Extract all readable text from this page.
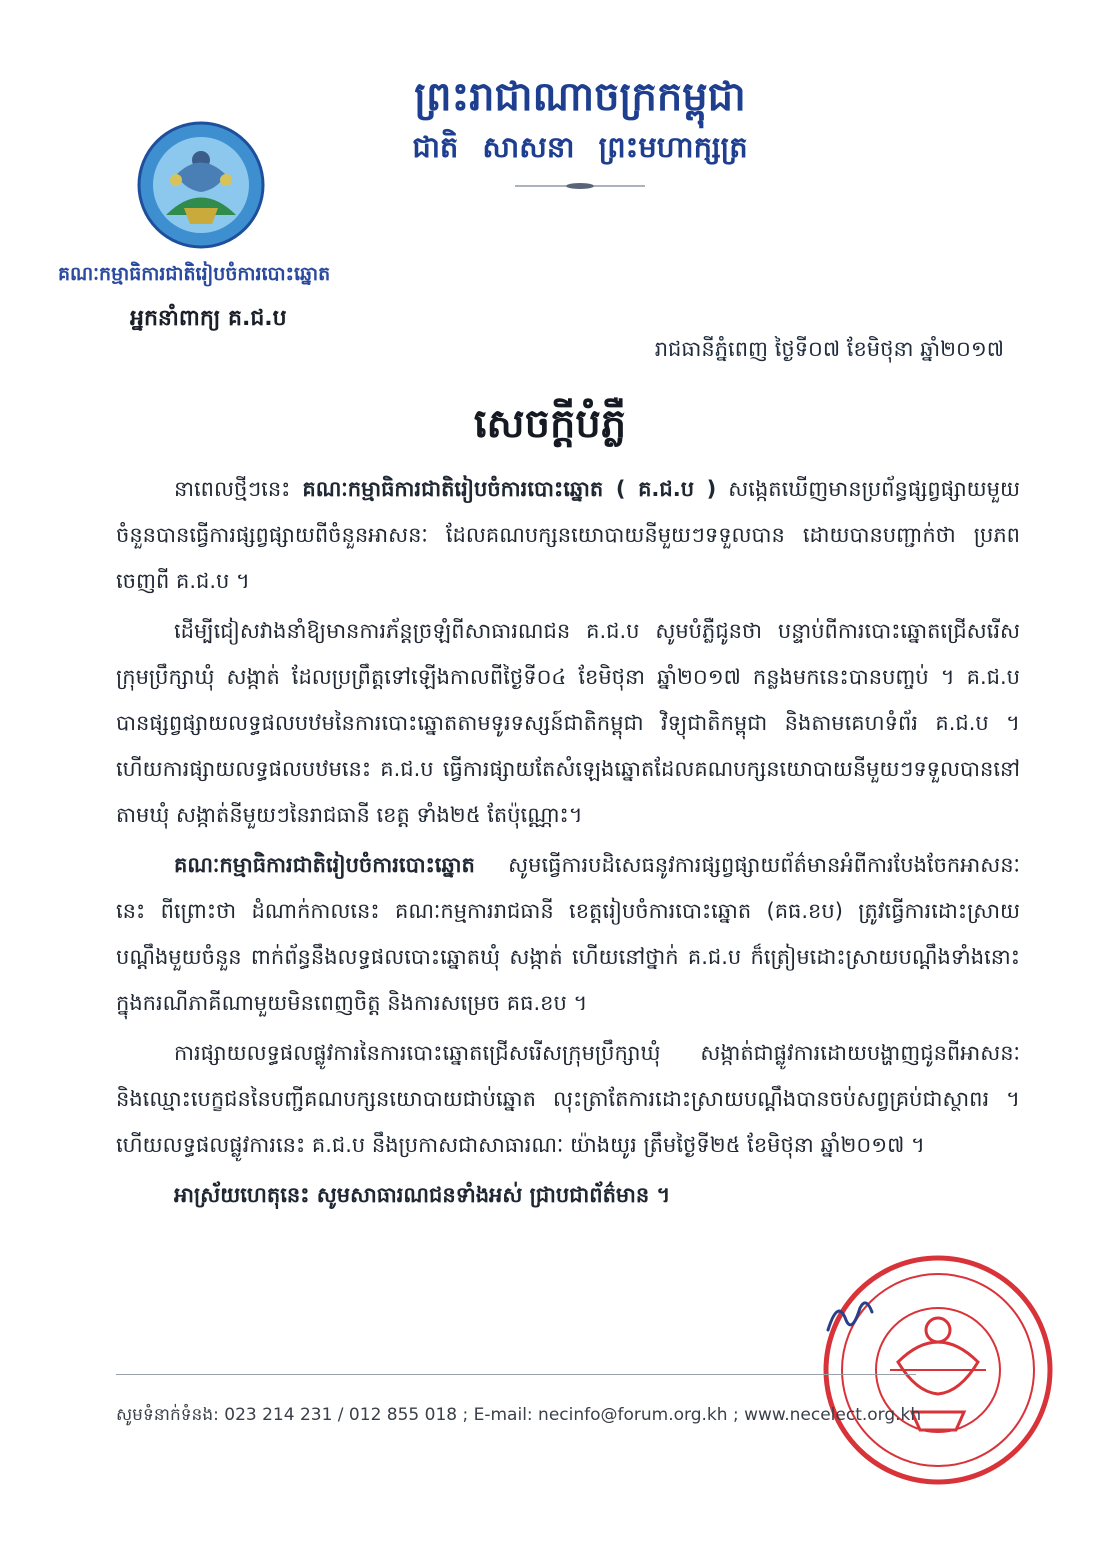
ព្រះរាជាណាចក្រកម្ពុជា
ជាតិ សាសនា ព្រះមហាក្សត្រ
គណៈកម្មាធិការជាតិរៀបចំការបោះឆ្នោត
អ្នកនាំពាក្យ គ.ជ.ប
រាជធានីភ្នំពេញ ថ្ងៃទី០៧ ខែមិថុនា ឆ្នាំ២០១៧
សេចក្តីបំភ្លឺ

នាពេលថ្មីៗនេះ គណៈកម្មាធិការជាតិរៀបចំការបោះឆ្នោត ( គ.ជ.ប ) សង្កេតឃើញមានប្រព័ន្ធផ្សព្វផ្សាយមួយចំនួនបានធ្វើការផ្សព្វផ្សាយពីចំនួនអាសនៈ ដែលគណបក្សនយោបាយនីមួយៗទទួលបាន ដោយបានបញ្ជាក់ថា ប្រភពចេញពី គ.ជ.ប ។

ដើម្បីជៀសវាងនាំឱ្យមានការភ័ន្តច្រឡំពីសាធារណជន គ.ជ.ប សូមបំភ្លឺជូនថា បន្ទាប់ពីការបោះឆ្នោតជ្រើសរើសក្រុមប្រឹក្សាឃុំ សង្កាត់ ដែលប្រព្រឹត្តទៅឡើងកាលពីថ្ងៃទី០៤ ខែមិថុនា ឆ្នាំ២០១៧ កន្លងមកនេះបានបញ្ចប់ ។ គ.ជ.ប បានផ្សព្វផ្សាយលទ្ធផលបឋមនៃការបោះឆ្នោតតាមទូរទស្សន៍ជាតិកម្ពុជា វិទ្យុជាតិកម្ពុជា និងតាមគេហទំព័រ គ.ជ.ប ។ ហើយការផ្សាយលទ្ធផលបឋមនេះ គ.ជ.ប ធ្វើការផ្សាយតែសំឡេងឆ្នោតដែលគណបក្សនយោបាយនីមួយៗទទួលបាននៅតាមឃុំ សង្កាត់នីមួយៗនៃរាជធានី ខេត្ត ទាំង២៥ តែប៉ុណ្ណោះ។

គណៈកម្មាធិការជាតិរៀបចំការបោះឆ្នោត សូមធ្វើការបដិសេធនូវការផ្សព្វផ្សាយព័ត៌មានអំពីការបែងចែកអាសនៈនេះ ពីព្រោះថា ដំណាក់កាលនេះ គណៈកម្មការរាជធានី ខេត្តរៀបចំការបោះឆ្នោត (គធ.ខប) ត្រូវធ្វើការដោះស្រាយបណ្តឹងមួយចំនួន ពាក់ព័ន្ធនឹងលទ្ធផលបោះឆ្នោតឃុំ សង្កាត់ ហើយនៅថ្នាក់ គ.ជ.ប ក៏ត្រៀមដោះស្រាយបណ្តឹងទាំងនោះ ក្នុងករណីភាគីណាមួយមិនពេញចិត្ត និងការសម្រេច គធ.ខប ។

ការផ្សាយលទ្ធផលផ្លូវការនៃការបោះឆ្នោតជ្រើសរើសក្រុមប្រឹក្សាឃុំ សង្កាត់ជាផ្លូវការដោយបង្ហាញជូនពីអាសនៈ និងឈ្មោះបេក្ខជននៃបញ្ជីគណបក្សនយោបាយជាប់ឆ្នោត លុះត្រាតែការដោះស្រាយបណ្តឹងបានចប់សព្វគ្រប់ជាស្ថាពរ ។ ហើយលទ្ធផលផ្លូវការនេះ គ.ជ.ប នឹងប្រកាសជាសាធារណៈ យ៉ាងយូរ ត្រឹមថ្ងៃទី២៥ ខែមិថុនា ឆ្នាំ២០១៧ ។

អាស្រ័យហេតុនេះ សូមសាធារណជនទាំងអស់ ជ្រាបជាព័ត៌មាន ។

សូមទំនាក់ទំនង: 023 214 231 / 012 855 018 ; E-mail: necinfo@forum.org.kh ; www.necelect.org.kh
